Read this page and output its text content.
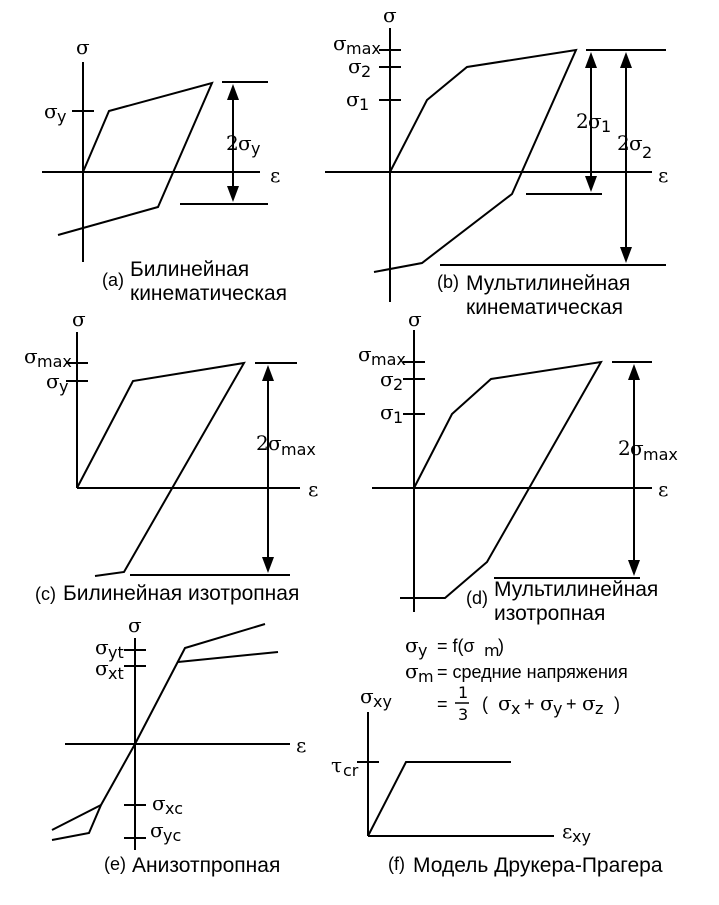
σ
ε
σ y
2 σ y
(a) Билинейная
кинематическая
σ
ε
σ max
σ 2
σ 1
2 σ 1
2 σ 2
(b) Мультилинейная
кинематическая
σ
ε
σ max
σ y
2 σ max
(c) Билинейная изотропная
σ
ε
σ max
σ 2
σ 1
2 σ max
(d) Мультилинейная
изотропная
σ
ε
σ yt
σ xt
σ xc
σ yc
(e) Анизотпропная
σ y = f(σ m
)
σ m = средние напряжения
=
1
3
( σ x + σ y + σ z )
σ xy
τ cr
ε xy
(f) Модель Друкера-Прагера
